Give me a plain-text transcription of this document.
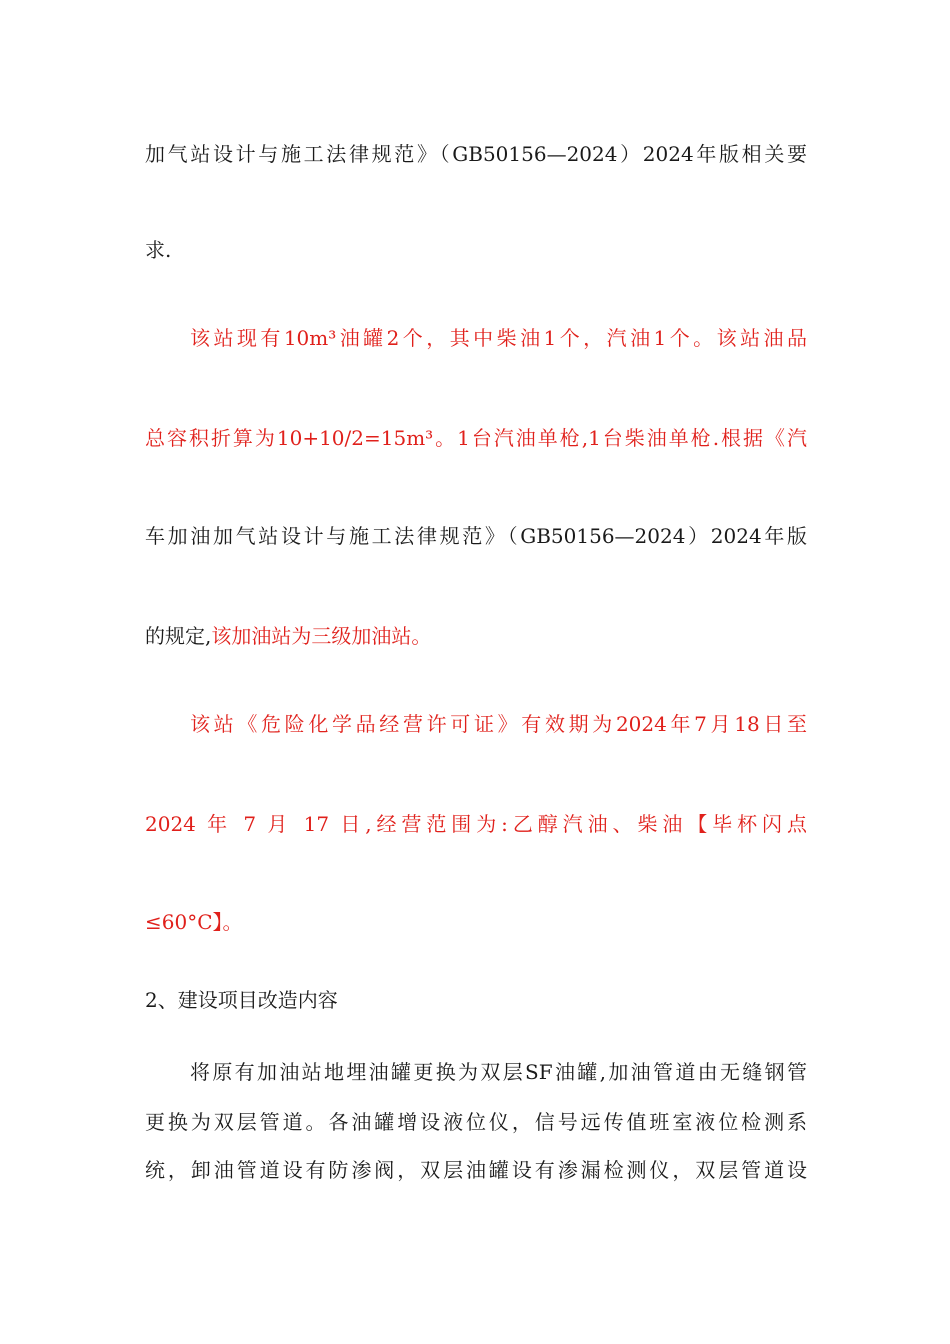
加气站设计与施工法律规范》（GB50156—2024）2024年版相关要
求.
该站现有10m³油罐2个，其中柴油1个，汽油1个。该站油品
总容积折算为10+10/2=15m³。1台汽油单枪,1台柴油单枪.根据《汽
车加油加气站设计与施工法律规范》（GB50156—2024）2024年版
的规定,该加油站为三级加油站。
该站《危险化学品经营许可证》有效期为2024年7月18日至
2024 年 7 月 17 日,经营范围为:乙醇汽油、柴油【毕杯闪点
≤60°C】。
2、建设项目改造内容
将原有加油站地埋油罐更换为双层SF油罐,加油管道由无缝钢管
更换为双层管道。各油罐增设液位仪，信号远传值班室液位检测系
统，卸油管道设有防渗阀，双层油罐设有渗漏检测仪，双层管道设
